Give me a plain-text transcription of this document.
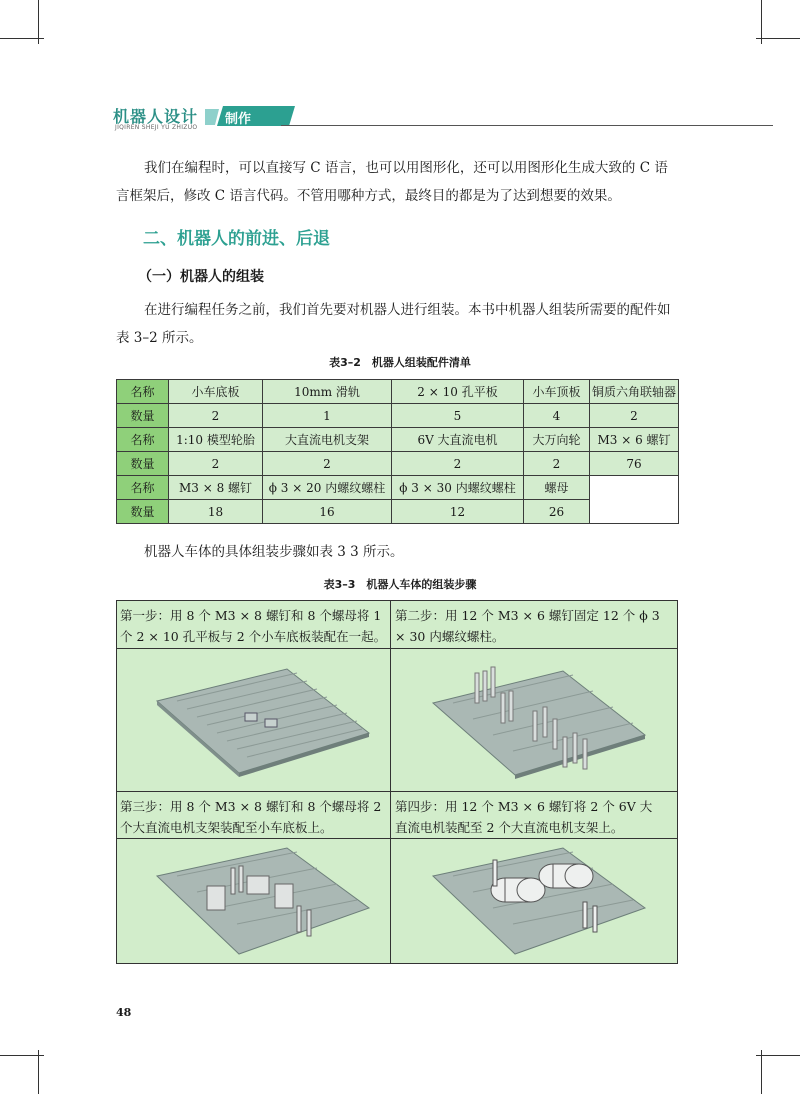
机器人设计
JIQIREN SHEJI YU ZHIZUO
制作

我们在编程时，可以直接写 C 语言，也可以用图形化，还可以用图形化生成大致的 C 语言框架后，修改 C 语言代码。不管用哪种方式，最终目的都是为了达到想要的效果。

二、机器人的前进、后退
（一）机器人的组装

在进行编程任务之前，我们首先要对机器人进行组装。本书中机器人组装所需要的配件如表 3–2 所示。

表3–2　机器人组装配件清单
名称	小车底板	10mm 滑轨	2 × 10 孔平板	小车顶板	铜质六角联轴器
数量	2	1	5	4	2
名称	1:10 模型轮胎	大直流电机支架	6V 大直流电机	大万向轮	M3 × 6 螺钉
数量	2	2	2	2	76
名称	M3 × 8 螺钉	ϕ 3 × 20 内螺纹螺柱	ϕ 3 × 30 内螺纹螺柱	螺母	
数量	18	16	12	26	

机器人车体的具体组装步骤如表 3 3 所示。

表3–3　机器人车体的组装步骤

第一步：用 8 个 M3 × 8 螺钉和 8 个螺母将 1 个 2 × 10 孔平板与 2 个小车底板装配在一起。

第二步：用 12 个 M3 × 6 螺钉固定 12 个 ϕ 3 × 30 内螺纹螺柱。

第三步：用 8 个 M3 × 8 螺钉和 8 个螺母将 2 个大直流电机支架装配至小车底板上。

第四步：用 12 个 M3 × 6 螺钉将 2 个 6V 大直流电机装配至 2 个大直流电机支架上。

48
